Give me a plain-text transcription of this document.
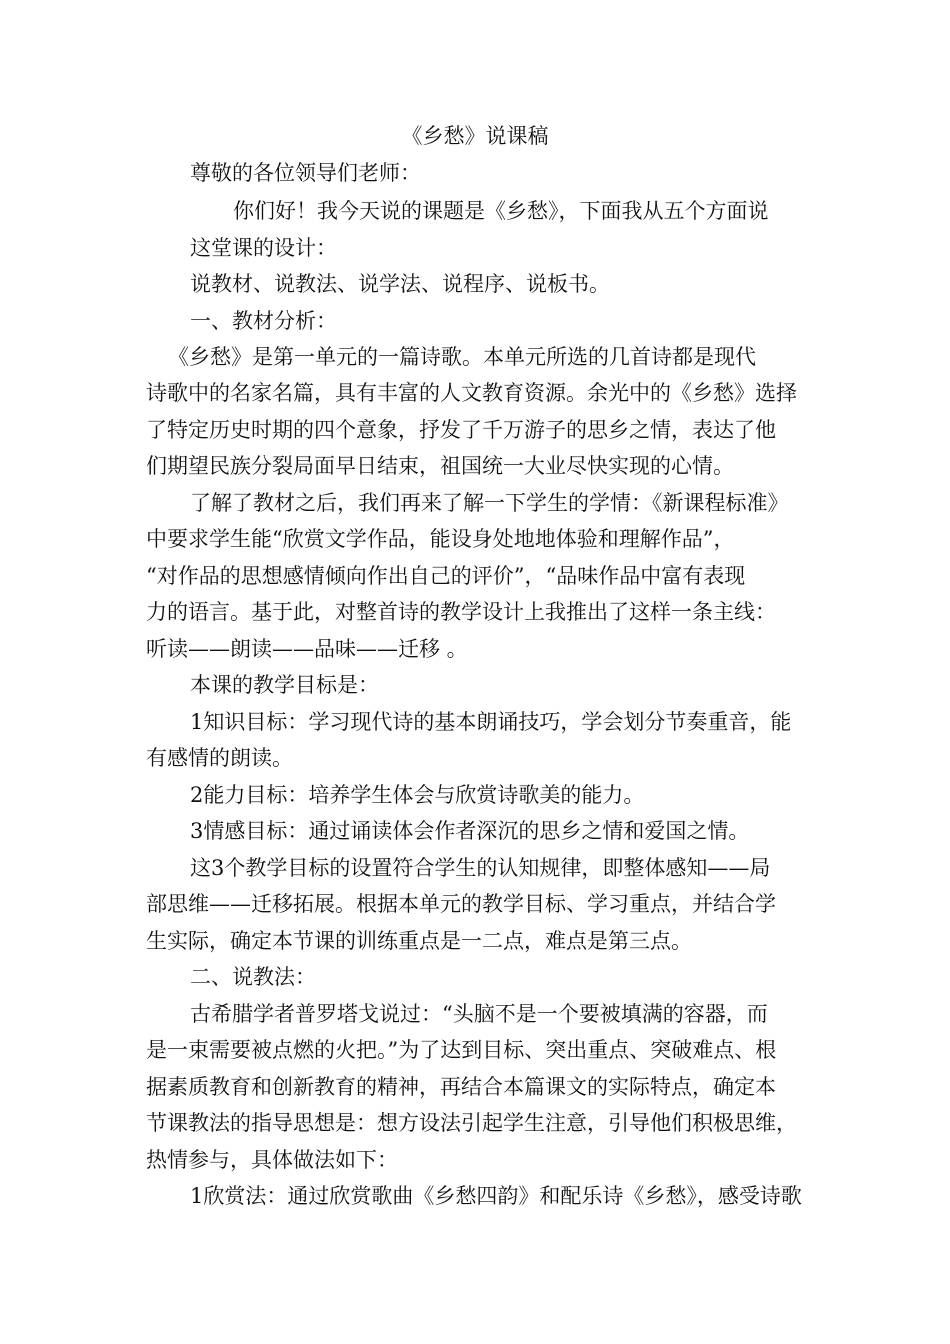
《乡愁》说课稿
尊敬的各位领导们老师：
你们好！我今天说的课题是《乡愁》，下面我从五个方面说
这堂课的设计：
说教材、说教法、说学法、说程序、说板书。
一、教材分析：
《乡愁》是第一单元的一篇诗歌。本单元所选的几首诗都是现代
诗歌中的名家名篇，具有丰富的人文教育资源。余光中的《乡愁》选择
了特定历史时期的四个意象，抒发了千万游子的思乡之情，表达了他
们期望民族分裂局面早日结束，祖国统一大业尽快实现的心情。
了解了教材之后，我们再来了解一下学生的学情：《新课程标准》
中要求学生能“欣赏文学作品，能设身处地地体验和理解作品”，
“对作品的思想感情倾向作出自己的评价”，“品味作品中富有表现
力的语言。基于此，对整首诗的教学设计上我推出了这样一条主线：
听读——朗读——品味——迁移 。
本课的教学目标是：
1知识目标：学习现代诗的基本朗诵技巧，学会划分节奏重音，能
有感情的朗读。
2能力目标：培养学生体会与欣赏诗歌美的能力。
3情感目标：通过诵读体会作者深沉的思乡之情和爱国之情。
这3个教学目标的设置符合学生的认知规律，即整体感知——局
部思维——迁移拓展。根据本单元的教学目标、学习重点，并结合学
生实际，确定本节课的训练重点是一二点，难点是第三点。
二、说教法：
古希腊学者普罗塔戈说过：“头脑不是一个要被填满的容器，而
是一束需要被点燃的火把。”为了达到目标、突出重点、突破难点、根
据素质教育和创新教育的精神，再结合本篇课文的实际特点，确定本
节课教法的指导思想是：想方设法引起学生注意，引导他们积极思维，
热情参与，具体做法如下：
1欣赏法：通过欣赏歌曲《乡愁四韵》和配乐诗《乡愁》，感受诗歌
